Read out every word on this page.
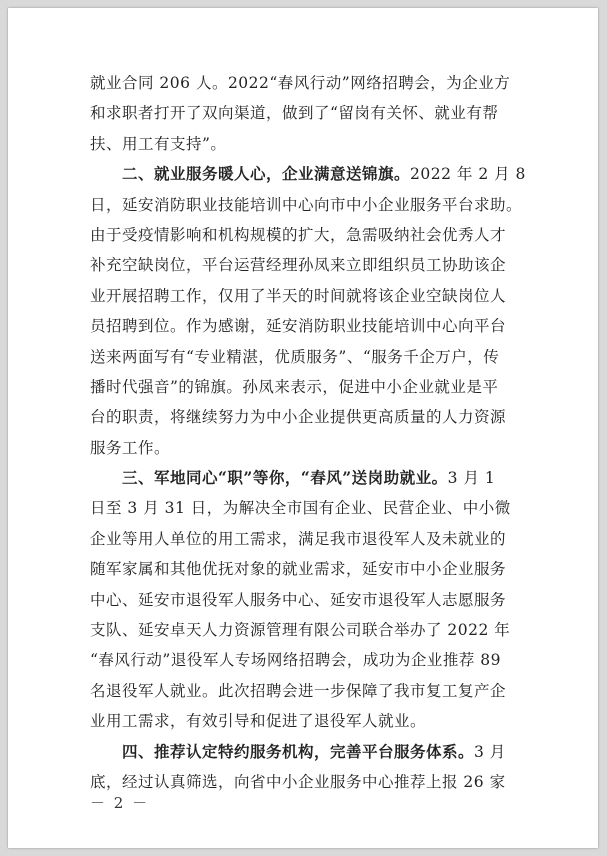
就业合同 206 人。2022“春风行动”网络招聘会，为企业方
和求职者打开了双向渠道，做到了“留岗有关怀、就业有帮
扶、用工有支持”。
　　二、就业服务暖人心，企业满意送锦旗。2022 年 2 月 8
日，延安消防职业技能培训中心向市中小企业服务平台求助。
由于受疫情影响和机构规模的扩大，急需吸纳社会优秀人才
补充空缺岗位，平台运营经理孙凤来立即组织员工协助该企
业开展招聘工作，仅用了半天的时间就将该企业空缺岗位人
员招聘到位。作为感谢，延安消防职业技能培训中心向平台
送来两面写有“专业精湛，优质服务”、“服务千企万户，传
播时代强音”的锦旗。孙凤来表示，促进中小企业就业是平
台的职责，将继续努力为中小企业提供更高质量的人力资源
服务工作。
　　三、军地同心“职”等你，“春风”送岗助就业。3 月 1
日至 3 月 31 日，为解决全市国有企业、民营企业、中小微
企业等用人单位的用工需求，满足我市退役军人及未就业的
随军家属和其他优抚对象的就业需求，延安市中小企业服务
中心、延安市退役军人服务中心、延安市退役军人志愿服务
支队、延安卓天人力资源管理有限公司联合举办了 2022 年
“春风行动”退役军人专场网络招聘会，成功为企业推荐 89
名退役军人就业。此次招聘会进一步保障了我市复工复产企
业用工需求，有效引导和促进了退役军人就业。
　　四、推荐认定特约服务机构，完善平台服务体系。3 月
底，经过认真筛选，向省中小企业服务中心推荐上报 26 家
－ 2 －
